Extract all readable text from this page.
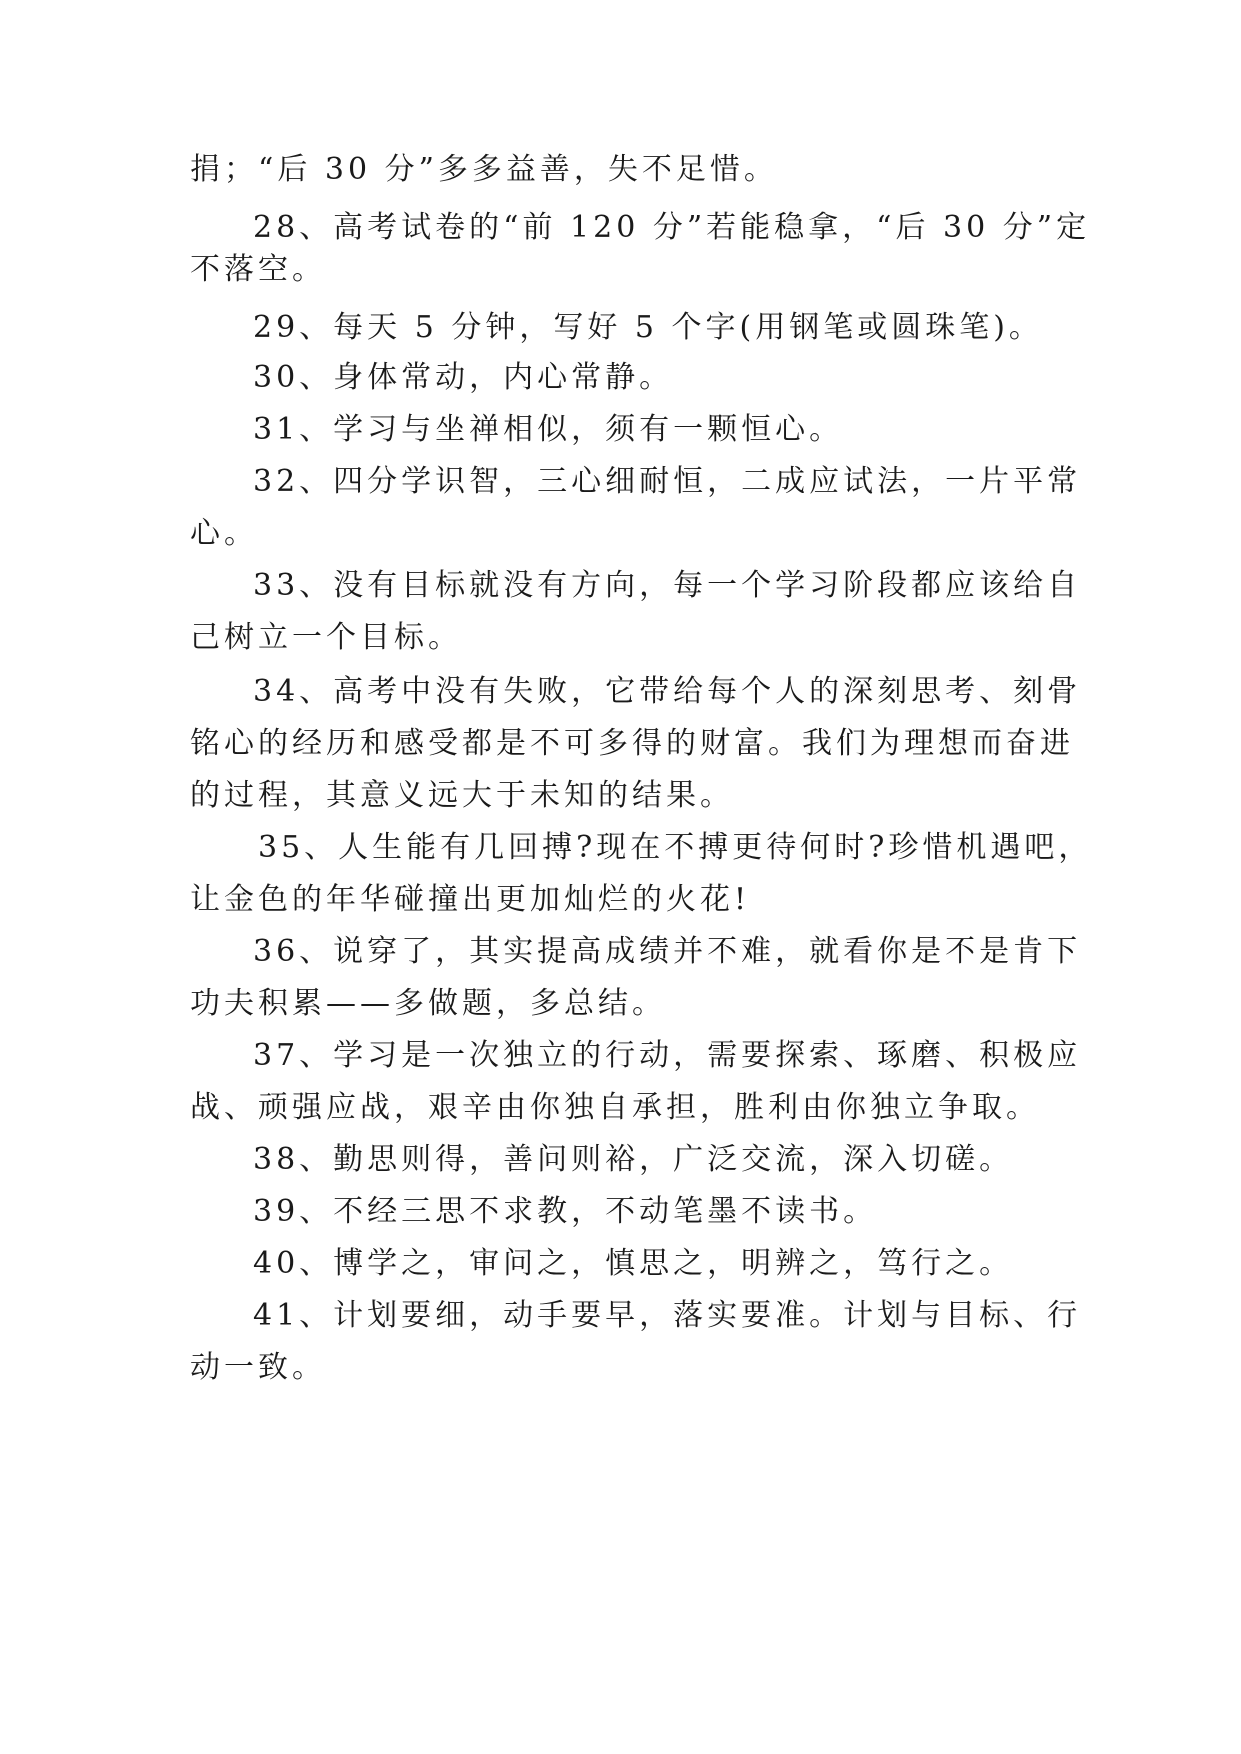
捐；“后 30 分”多多益善，失不足惜。
28、高考试卷的“前 120 分”若能稳拿，“后 30 分”定
不落空。
29、每天 5 分钟，写好 5 个字(用钢笔或圆珠笔)。
30、身体常动，内心常静。
31、学习与坐禅相似，须有一颗恒心。
32、四分学识智，三心细耐恒，二成应试法，一片平常
心。
33、没有目标就没有方向，每一个学习阶段都应该给自
己树立一个目标。
34、高考中没有失败，它带给每个人的深刻思考、刻骨
铭心的经历和感受都是不可多得的财富。我们为理想而奋进
的过程，其意义远大于未知的结果。
35、人生能有几回搏?现在不搏更待何时?珍惜机遇吧，
让金色的年华碰撞出更加灿烂的火花!
36、说穿了，其实提高成绩并不难，就看你是不是肯下
功夫积累——多做题，多总结。
37、学习是一次独立的行动，需要探索、琢磨、积极应
战、顽强应战，艰辛由你独自承担，胜利由你独立争取。
38、勤思则得，善问则裕，广泛交流，深入切磋。
39、不经三思不求教，不动笔墨不读书。
40、博学之，审问之，慎思之，明辨之，笃行之。
41、计划要细，动手要早，落实要准。计划与目标、行
动一致。
